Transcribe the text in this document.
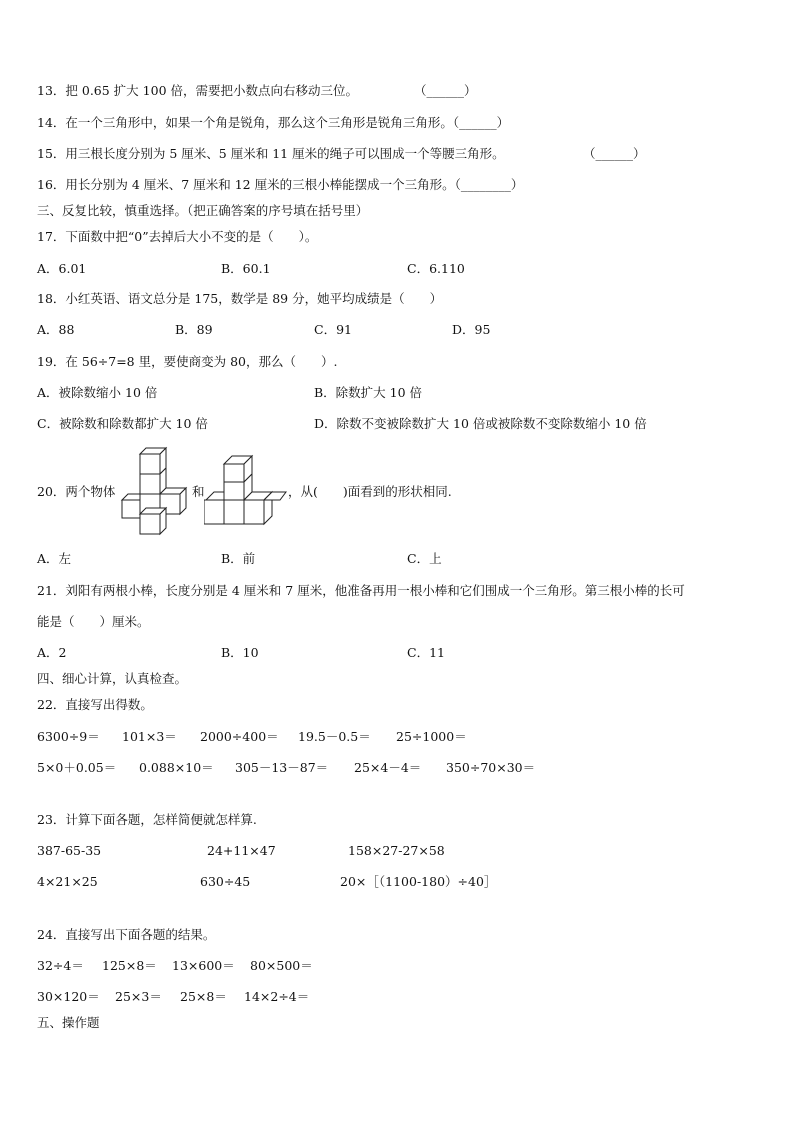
13．把 0.65 扩大 100 倍，需要把小数点向右移动三位。	（______）
14．在一个三角形中，如果一个角是锐角，那么这个三角形是锐角三角形。（______）
15．用三根长度分别为 5 厘米、5 厘米和 11 厘米的绳子可以围成一个等腰三角形。	（______）
16．用长分别为 4 厘米、7 厘米和 12 厘米的三根小棒能摆成一个三角形。（________）
三、反复比较，慎重选择。（把正确答案的序号填在括号里）
17．下面数中把“0”去掉后大小不变的是（　　）。
A．6.01	B．60.1	C．6.110
18．小红英语、语文总分是 175，数学是 89 分，她平均成绩是（　　）
A．88	B．89	C．91	D．95
19．在 56÷7=8 里，要使商变为 80，那么（　　）.
A．被除数缩小 10 倍	B．除数扩大 10 倍
C．被除数和除数都扩大 10 倍	D．除数不变被除数扩大 10 倍或被除数不变除数缩小 10 倍
20．两个物体	和	，从(　　)面看到的形状相同.
A．左	B．前	C．上
21．刘阳有两根小棒，长度分别是 4 厘米和 7 厘米，他准备再用一根小棒和它们围成一个三角形。第三根小棒的长可
能是（　　）厘米。
A．2	B．10	C．11
四、细心计算，认真检查。
22．直接写出得数。
6300÷9＝ 101×3＝ 2000÷400＝ 19.5－0.5＝ 25÷1000＝
5×0＋0.05＝ 0.088×10＝ 305－13－87＝ 25×4－4＝ 350÷70×30＝
23．计算下面各题，怎样简便就怎样算.
387-65-35	24+11×47	158×27-27×58
4×21×25	630÷45	20×［（1100-180）÷40］
24．直接写出下面各题的结果。
32÷4＝ 125×8＝ 13×600＝ 80×500＝
30×120＝ 25×3＝ 25×8＝ 14×2÷4＝
五、操作题
